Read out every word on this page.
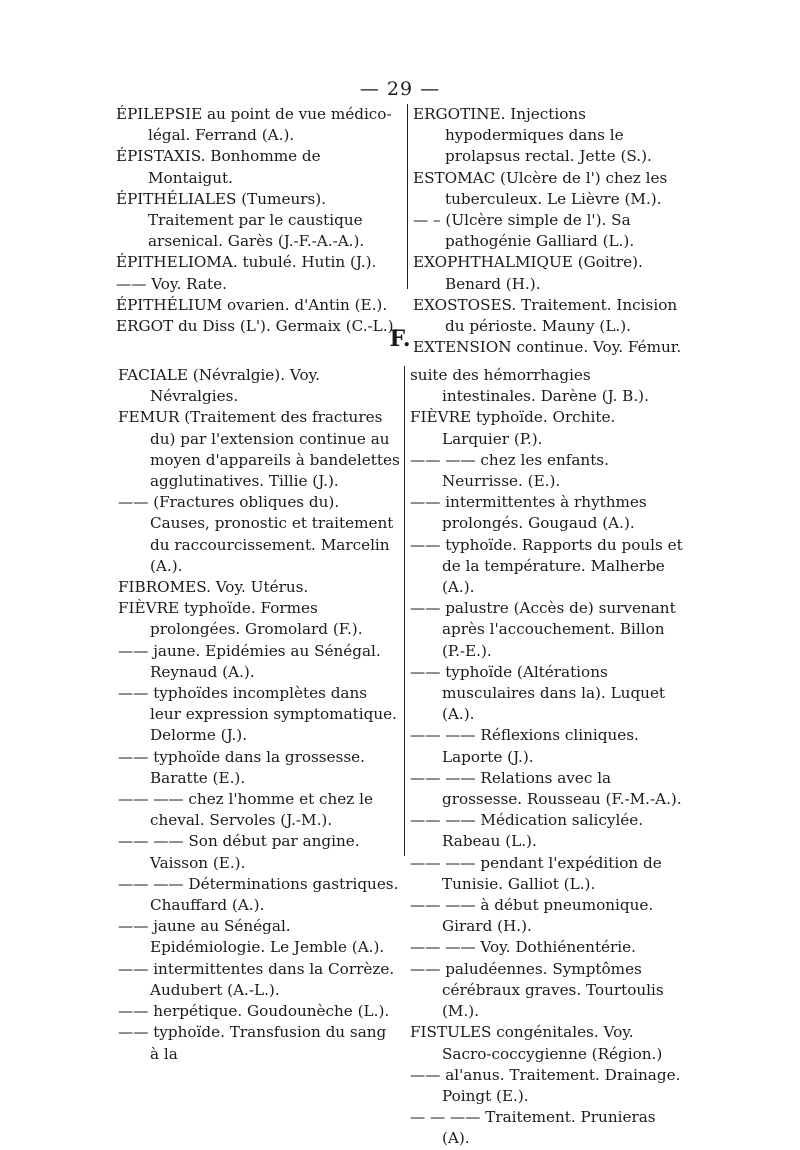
— 29 —
ÉPILEPSIE au point de vue médico-légal. Ferrand (A.).
ÉPISTAXIS. Bonhomme de Montaigut.
ÉPITHÉLIALES (Tumeurs). Traitement par le caustique arsenical. Garès (J.-F.-A.-A.).
ÉPITHELIOMA. tubulé. Hutin (J.).
—— Voy. Rate.
ÉPITHÉLIUM ovarien. d'Antin (E.).
ERGOT du Diss (L'). Germaix (C.-L.).
ERGOTINE. Injections hypodermiques dans le prolapsus rectal. Jette (S.).
ESTOMAC (Ulcère de l') chez les tuberculeux. Le Lièvre (M.).
— – (Ulcère simple de l'). Sa pathogénie Galliard (L.).
EXOPHTHALMIQUE (Goitre). Benard (H.).
EXOSTOSES. Traitement. Incision du périoste. Mauny (L.).
EXTENSION continue. Voy. Fémur.
F.
FACIALE (Névralgie). Voy. Névralgies.
FEMUR (Traitement des fractures du) par l'extension continue au moyen d'appareils à bandelettes agglutinatives. Tillie (J.).
—— (Fractures obliques du). Causes, pronostic et traitement du raccourcissement. Marcelin (A.).
FIBROMES. Voy. Utérus.
FIÈVRE typhoïde. Formes prolongées. Gromolard (F.).
—— jaune. Epidémies au Sénégal. Reynaud (A.).
—— typhoïdes incomplètes dans leur expression symptomatique. Delorme (J.).
—— typhoïde dans la grossesse. Baratte (E.).
—— —— chez l'homme et chez le cheval. Servoles (J.-M.).
—— —— Son début par angine. Vaisson (E.).
—— —— Déterminations gastriques. Chauffard (A.).
—— jaune au Sénégal. Epidémiologie. Le Jemble (A.).
—— intermittentes dans la Corrèze. Audubert (A.-L.).
—— herpétique. Goudounèche (L.).
—— typhoïde. Transfusion du sang à la
suite des hémorrhagies intestinales. Darène (J. B.).
FIÈVRE typhoïde. Orchite. Larquier (P.).
—— —— chez les enfants. Neurrisse. (E.).
—— intermittentes à rhythmes prolongés. Gougaud (A.).
—— typhoïde. Rapports du pouls et de la température. Malherbe (A.).
—— palustre (Accès de) survenant après l'accouchement. Billon (P.-E.).
—— typhoïde (Altérations musculaires dans la). Luquet (A.).
—— —— Réflexions cliniques. Laporte (J.).
—— —— Relations avec la grossesse. Rousseau (F.-M.-A.).
—— —— Médication salicylée. Rabeau (L.).
—— —— pendant l'expédition de Tunisie. Galliot (L.).
—— —— à début pneumonique. Girard (H.).
—— —— Voy. Dothiénentérie.
—— paludéennes. Symptômes cérébraux graves. Tourtoulis (M.).
FISTULES congénitales. Voy. Sacro-coccygienne (Région.)
—— al'anus. Traitement. Drainage. Poingt (E.).
— — —— Traitement. Prunieras (A).
